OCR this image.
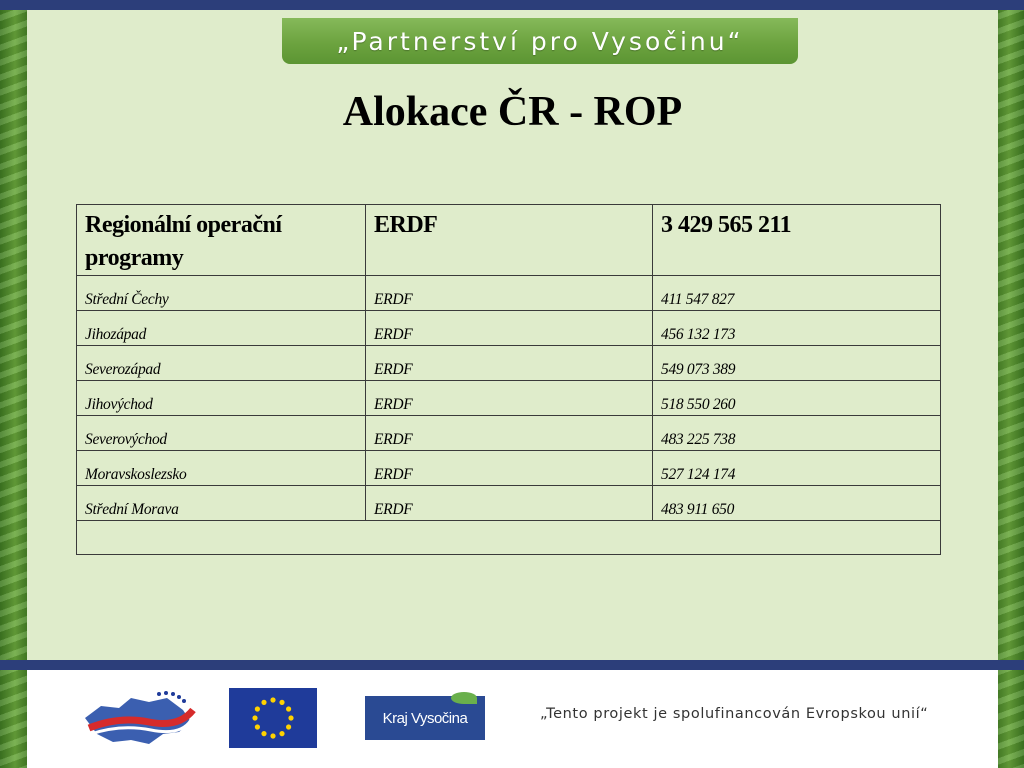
„Partnerství pro Vysočinu“
Alokace ČR - ROP
Regionální operační programy	ERDF	3 429 565 211
Střední Čechy	ERDF	411 547 827
Jihozápad	ERDF	456 132 173
Severozápad	ERDF	549 073 389
Jihovýchod	ERDF	518 550 260
Severovýchod	ERDF	483 225 738
Moravskoslezsko	ERDF	527 124 174
Střední Morava	ERDF	483 911 650

Kraj Vysočina	„Tento projekt je spolufinancován Evropskou unií“
